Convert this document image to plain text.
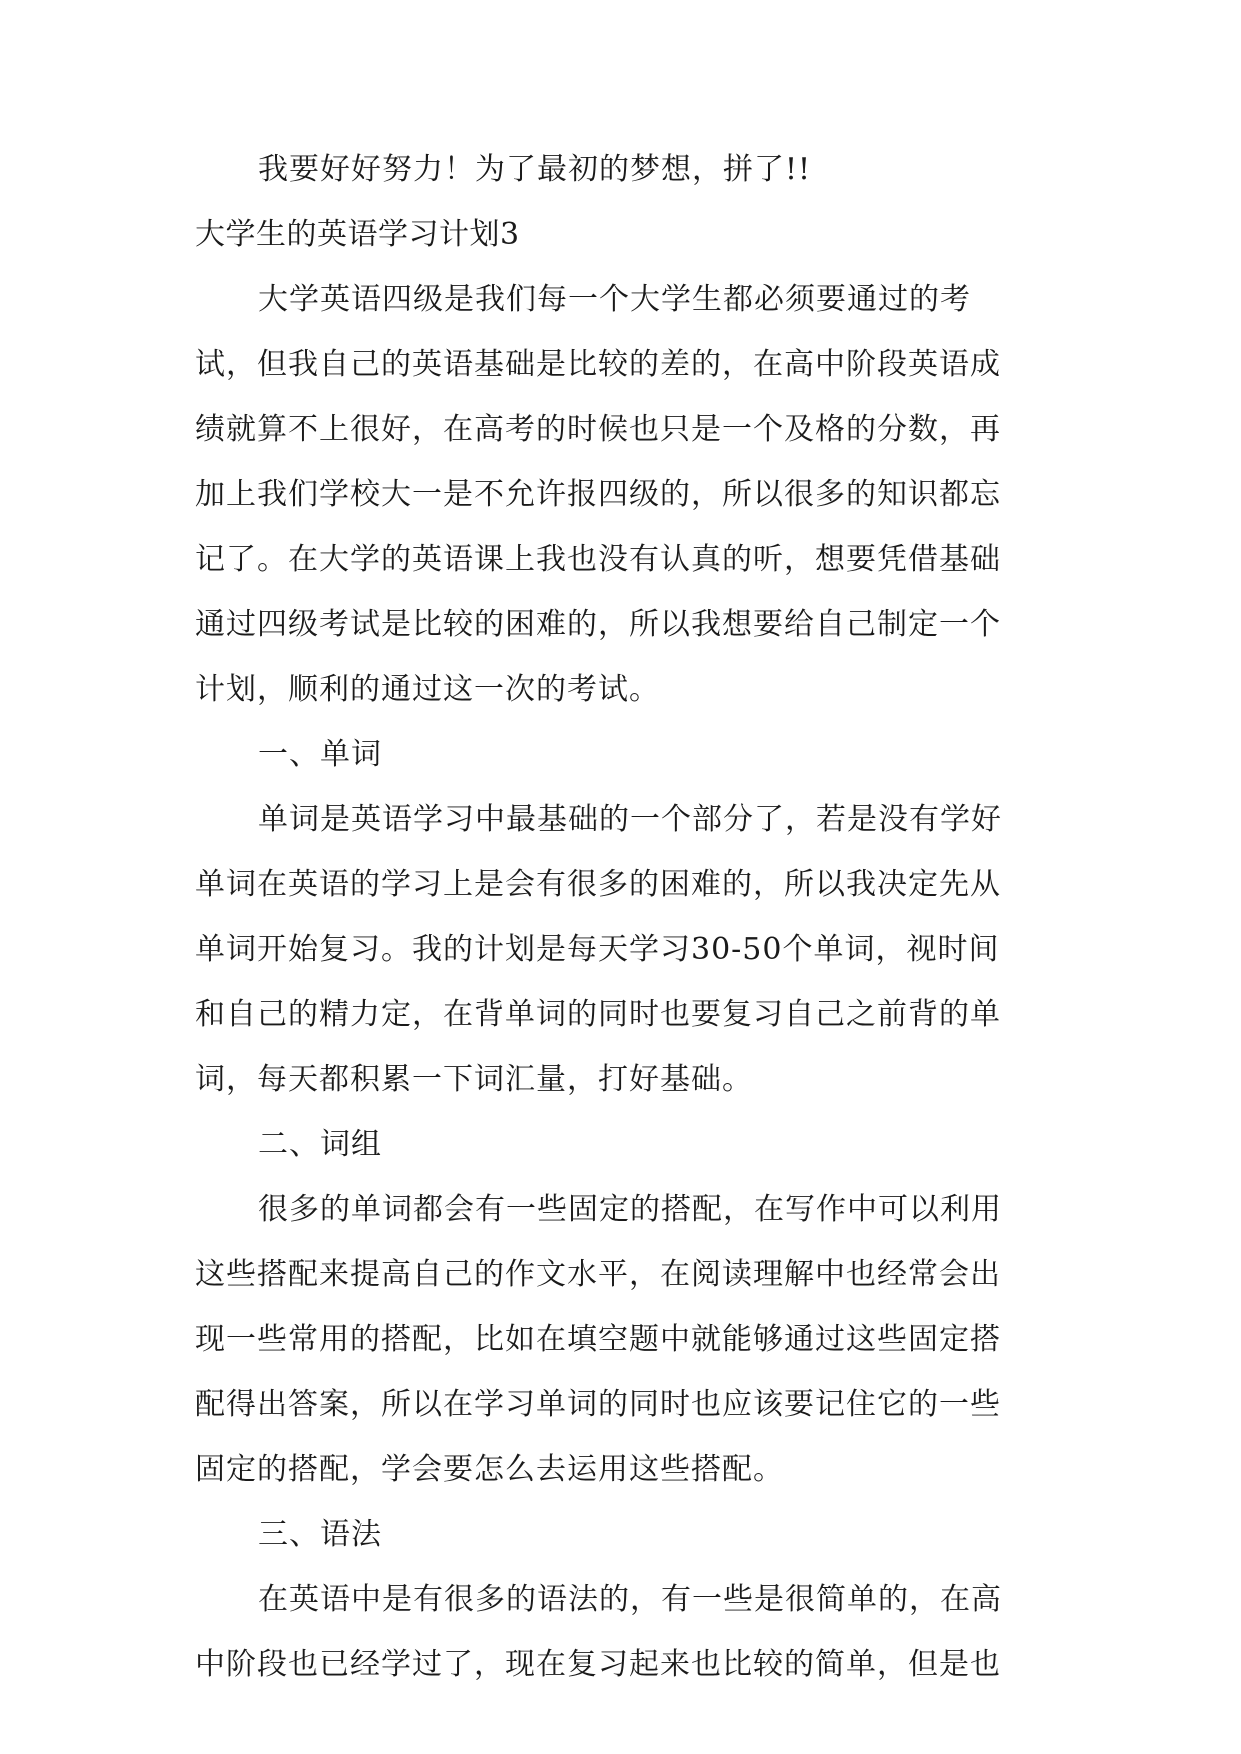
我要好好努力！为了最初的梦想，拼了!!
大学生的英语学习计划3
大学英语四级是我们每一个大学生都必须要通过的考
试，但我自己的英语基础是比较的差的，在高中阶段英语成
绩就算不上很好，在高考的时候也只是一个及格的分数，再
加上我们学校大一是不允许报四级的，所以很多的知识都忘
记了。在大学的英语课上我也没有认真的听，想要凭借基础
通过四级考试是比较的困难的，所以我想要给自己制定一个
计划，顺利的通过这一次的考试。
一、单词
单词是英语学习中最基础的一个部分了，若是没有学好
单词在英语的学习上是会有很多的困难的，所以我决定先从
单词开始复习。我的计划是每天学习30-50个单词，视时间
和自己的精力定，在背单词的同时也要复习自己之前背的单
词，每天都积累一下词汇量，打好基础。
二、词组
很多的单词都会有一些固定的搭配，在写作中可以利用
这些搭配来提高自己的作文水平，在阅读理解中也经常会出
现一些常用的搭配，比如在填空题中就能够通过这些固定搭
配得出答案，所以在学习单词的同时也应该要记住它的一些
固定的搭配，学会要怎么去运用这些搭配。
三、语法
在英语中是有很多的语法的，有一些是很简单的，在高
中阶段也已经学过了，现在复习起来也比较的简单，但是也
